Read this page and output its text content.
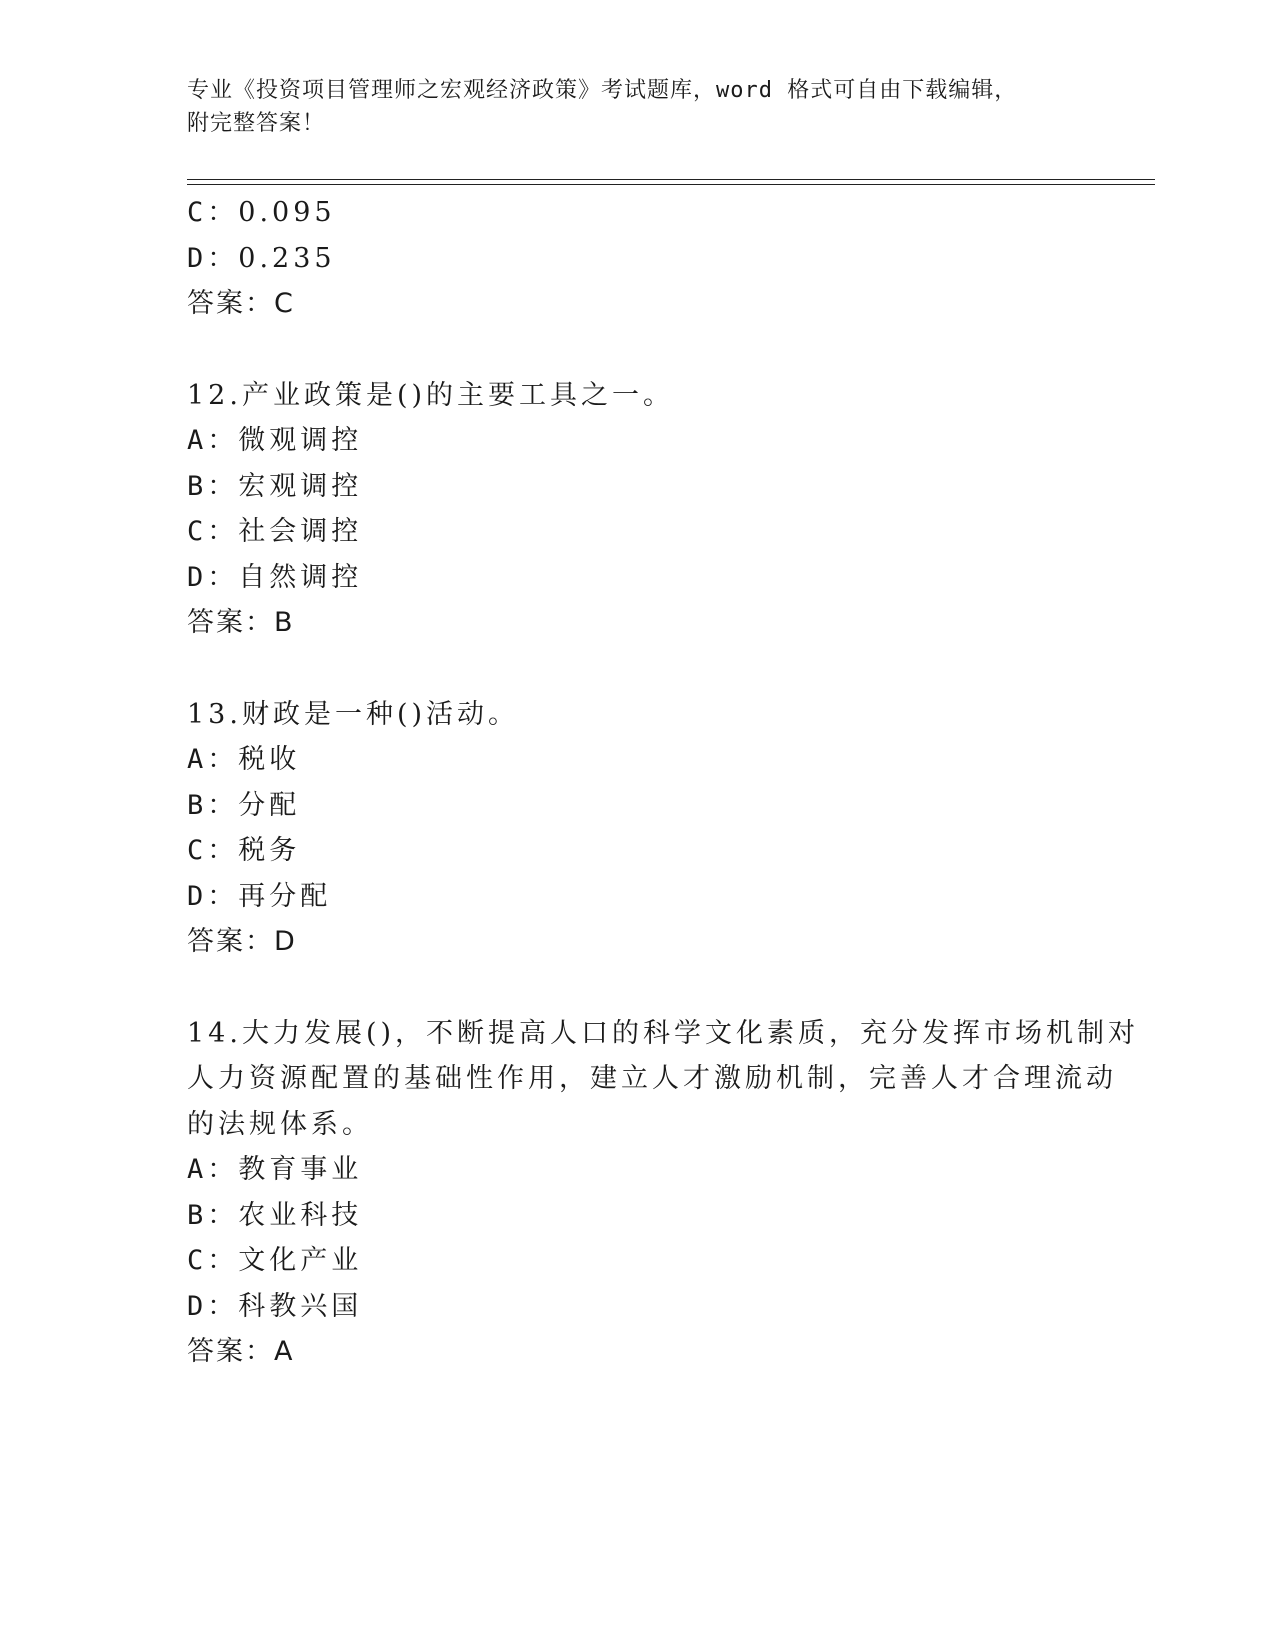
专业《投资项目管理师之宏观经济政策》考试题库，word 格式可自由下载编辑，
附完整答案！
C：0.095
D：0.235
答案：C
12.产业政策是()的主要工具之一。
A：微观调控
B：宏观调控
C：社会调控
D：自然调控
答案：B
13.财政是一种()活动。
A：税收
B：分配
C：税务
D：再分配
答案：D
14.大力发展()，不断提高人口的科学文化素质，充分发挥市场机制对
人力资源配置的基础性作用，建立人才激励机制，完善人才合理流动
的法规体系。
A：教育事业
B：农业科技
C：文化产业
D：科教兴国
答案：A
